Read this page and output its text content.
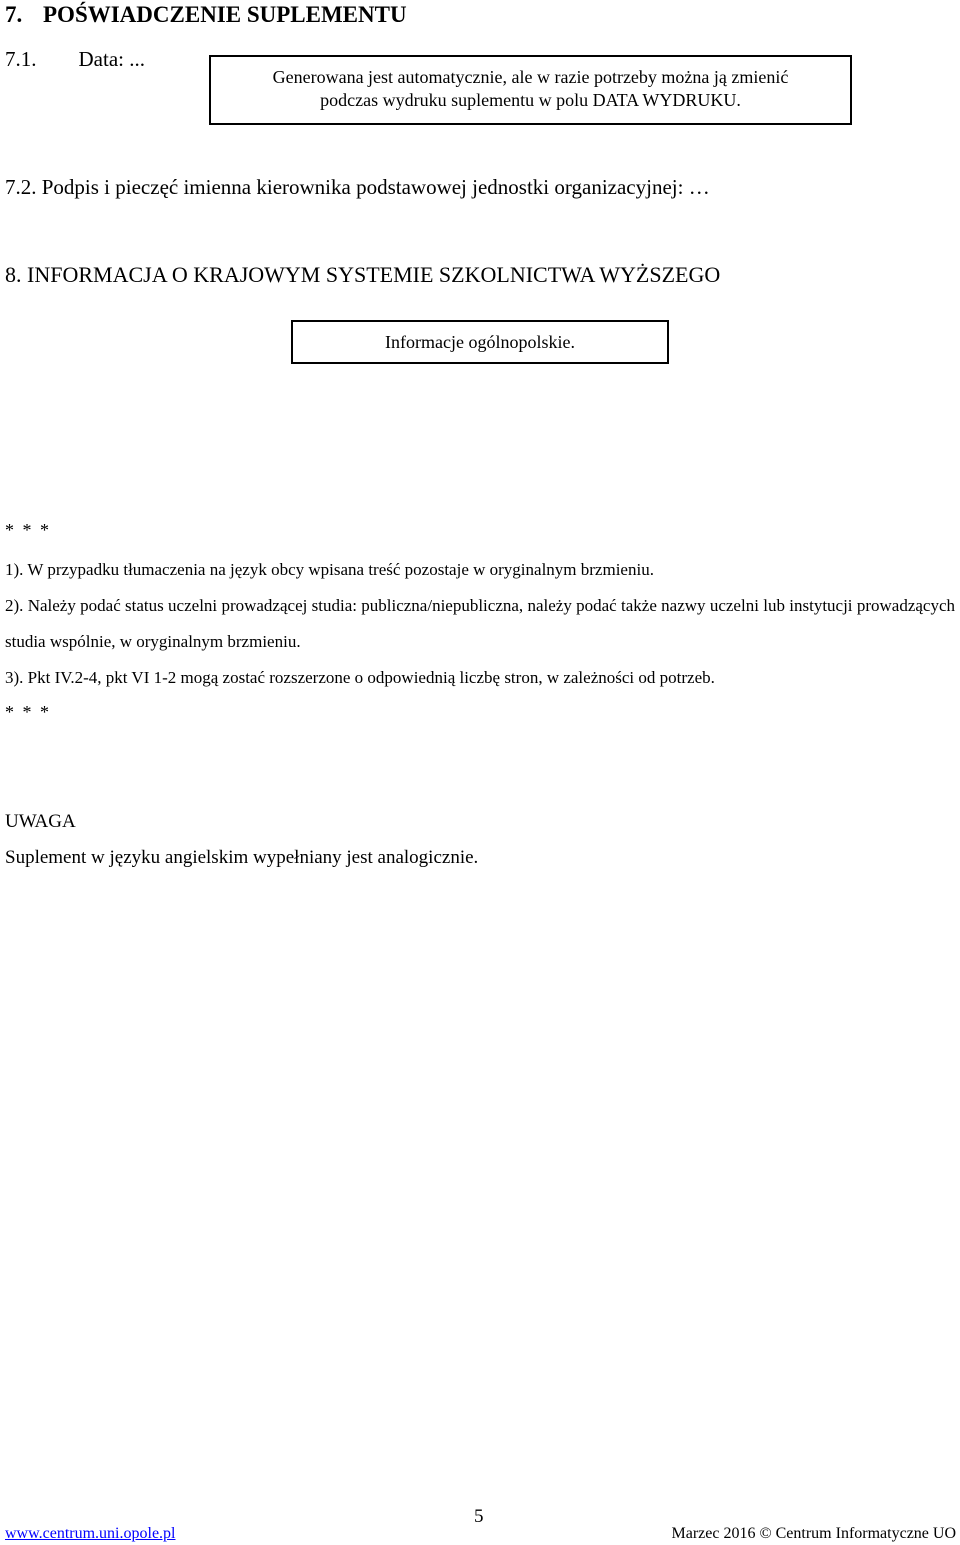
7. POŚWIADCZENIE SUPLEMENTU
7.1. Data: ...
Generowana jest automatycznie, ale w razie potrzeby można ją zmienić
podczas wydruku suplementu w polu DATA WYDRUKU.
7.2. Podpis i pieczęć imienna kierownika podstawowej jednostki organizacyjnej: …
8. INFORMACJA O KRAJOWYM SYSTEMIE SZKOLNICTWA WYŻSZEGO
Informacje ogólnopolskie.
* * *
1). W przypadku tłumaczenia na język obcy wpisana treść pozostaje w oryginalnym brzmieniu.
2). Należy podać status uczelni prowadzącej studia: publiczna/niepubliczna, należy podać także nazwy uczelni lub instytucji prowadzących studia wspólnie, w oryginalnym brzmieniu.
3). Pkt IV.2-4, pkt VI 1-2 mogą zostać rozszerzone o odpowiednią liczbę stron, w zależności od potrzeb.
* * *
UWAGA
Suplement w języku angielskim wypełniany jest analogicznie.
5
www.centrum.uni.opole.pl	Marzec 2016 © Centrum Informatyczne UO
